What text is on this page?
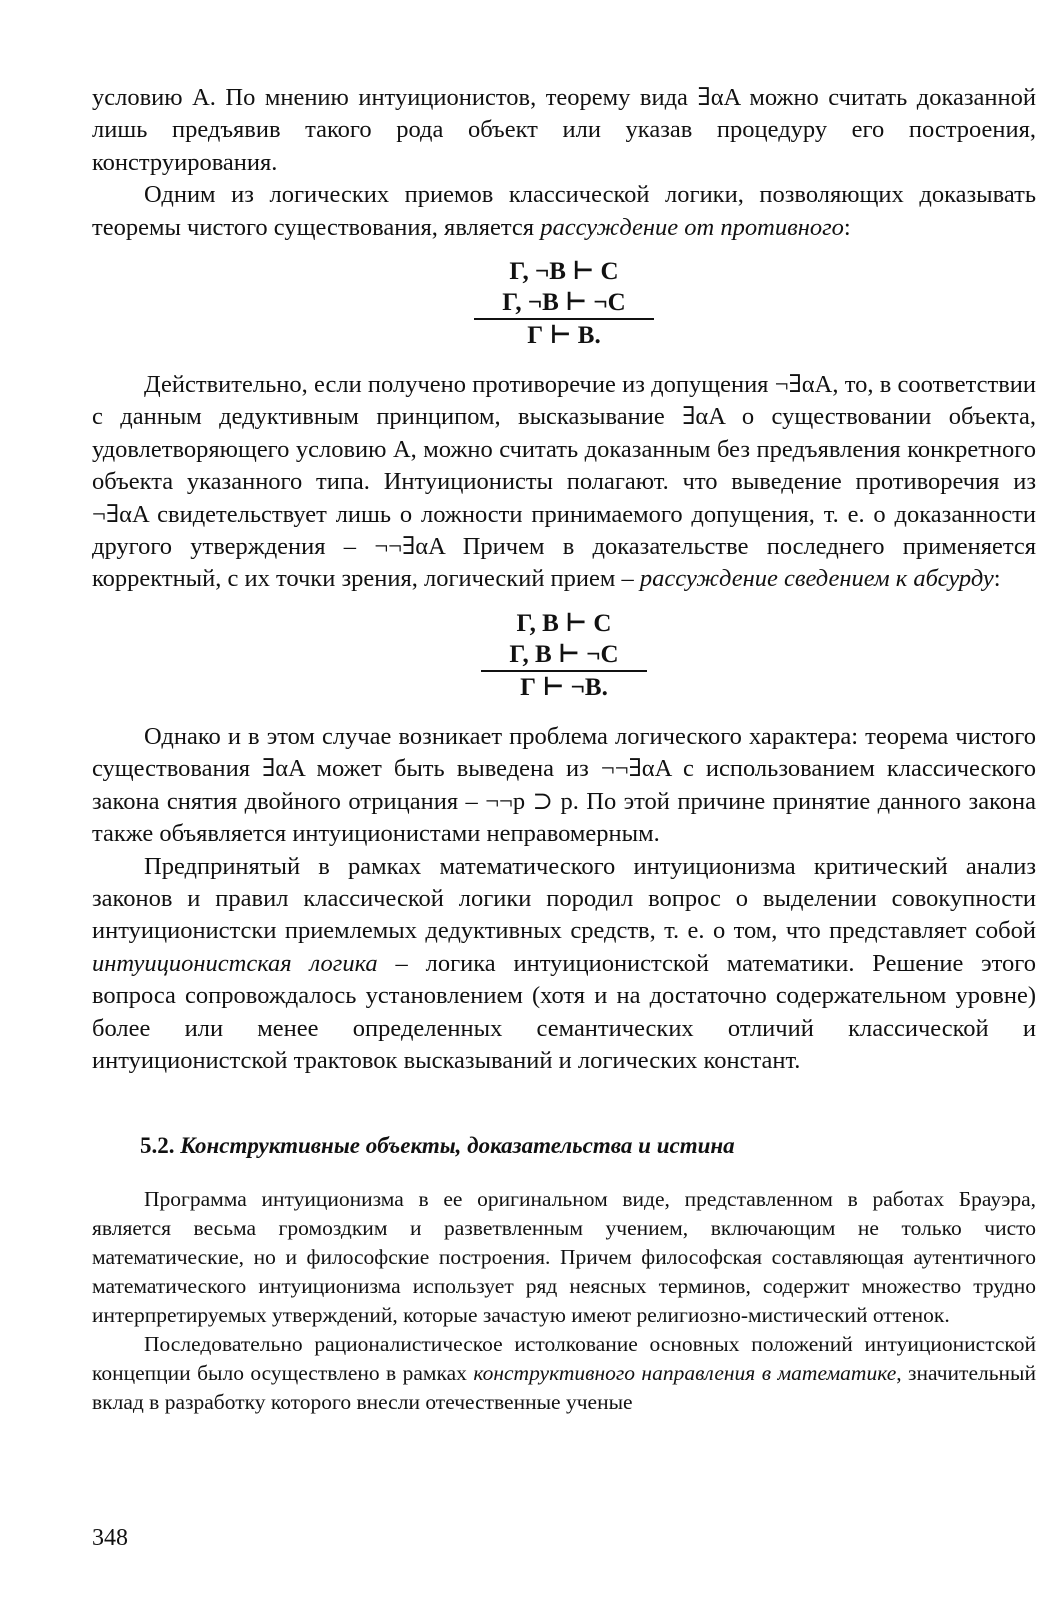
условию A. По мнению интуиционистов, теорему вида ∃αA можно считать доказанной лишь предъявив такого рода объект или указав процедуру его построения, конструирования.

Одним из логических приемов классической логики, позволяющих доказывать теоремы чистого существования, является рассуждение от противного:

Г, ¬B ⊢ C
Г, ¬B ⊢ ¬C
Г ⊢ B.

Действительно, если получено противоречие из допущения ¬∃αA, то, в соответствии с данным дедуктивным принципом, высказывание ∃αA о существовании объекта, удовлетворяющего условию A, можно считать доказанным без предъявления конкретного объекта указанного типа. Интуиционисты полагают. что выведение противоречия из ¬∃αA свидетельствует лишь о ложности принимаемого допущения, т. е. о доказанности другого утверждения – ¬¬∃αA Причем в доказательстве последнего применяется корректный, с их точки зрения, логический прием – рассуждение сведением к абсурду:

Г, B ⊢ C
Г, B ⊢ ¬C
Г ⊢ ¬B.

Однако и в этом случае возникает проблема логического характера: теорема чистого существования ∃αA может быть выведена из ¬¬∃αA с использованием классического закона снятия двойного отрицания – ¬¬p ⊃ p. По этой причине принятие данного закона также объявляется интуиционистами неправомерным.

Предпринятый в рамках математического интуиционизма критический анализ законов и правил классической логики породил вопрос о выделении совокупности интуиционистски приемлемых дедуктивных средств, т. е. о том, что представляет собой интуиционистская логика – логика интуиционистской математики. Решение этого вопроса сопровождалось установлением (хотя и на достаточно содержательном уровне) более или менее определенных семантических отличий классической и интуиционистской трактовок высказываний и логических констант.

5.2. Конструктивные объекты, доказательства и истина

Программа интуиционизма в ее оригинальном виде, представленном в работах Брауэра, является весьма громоздким и разветвленным учением, включающим не только чисто математические, но и философские построения. Причем философская составляющая аутентичного математического интуиционизма использует ряд неясных терминов, содержит множество трудно интерпретируемых утверждений, которые зачастую имеют религиозно-мистический оттенок.

Последовательно рационалистическое истолкование основных положений интуиционистской концепции было осуществлено в рамках конструктивного направления в математике, значительный вклад в разработку которого внесли отечественные ученые

348
